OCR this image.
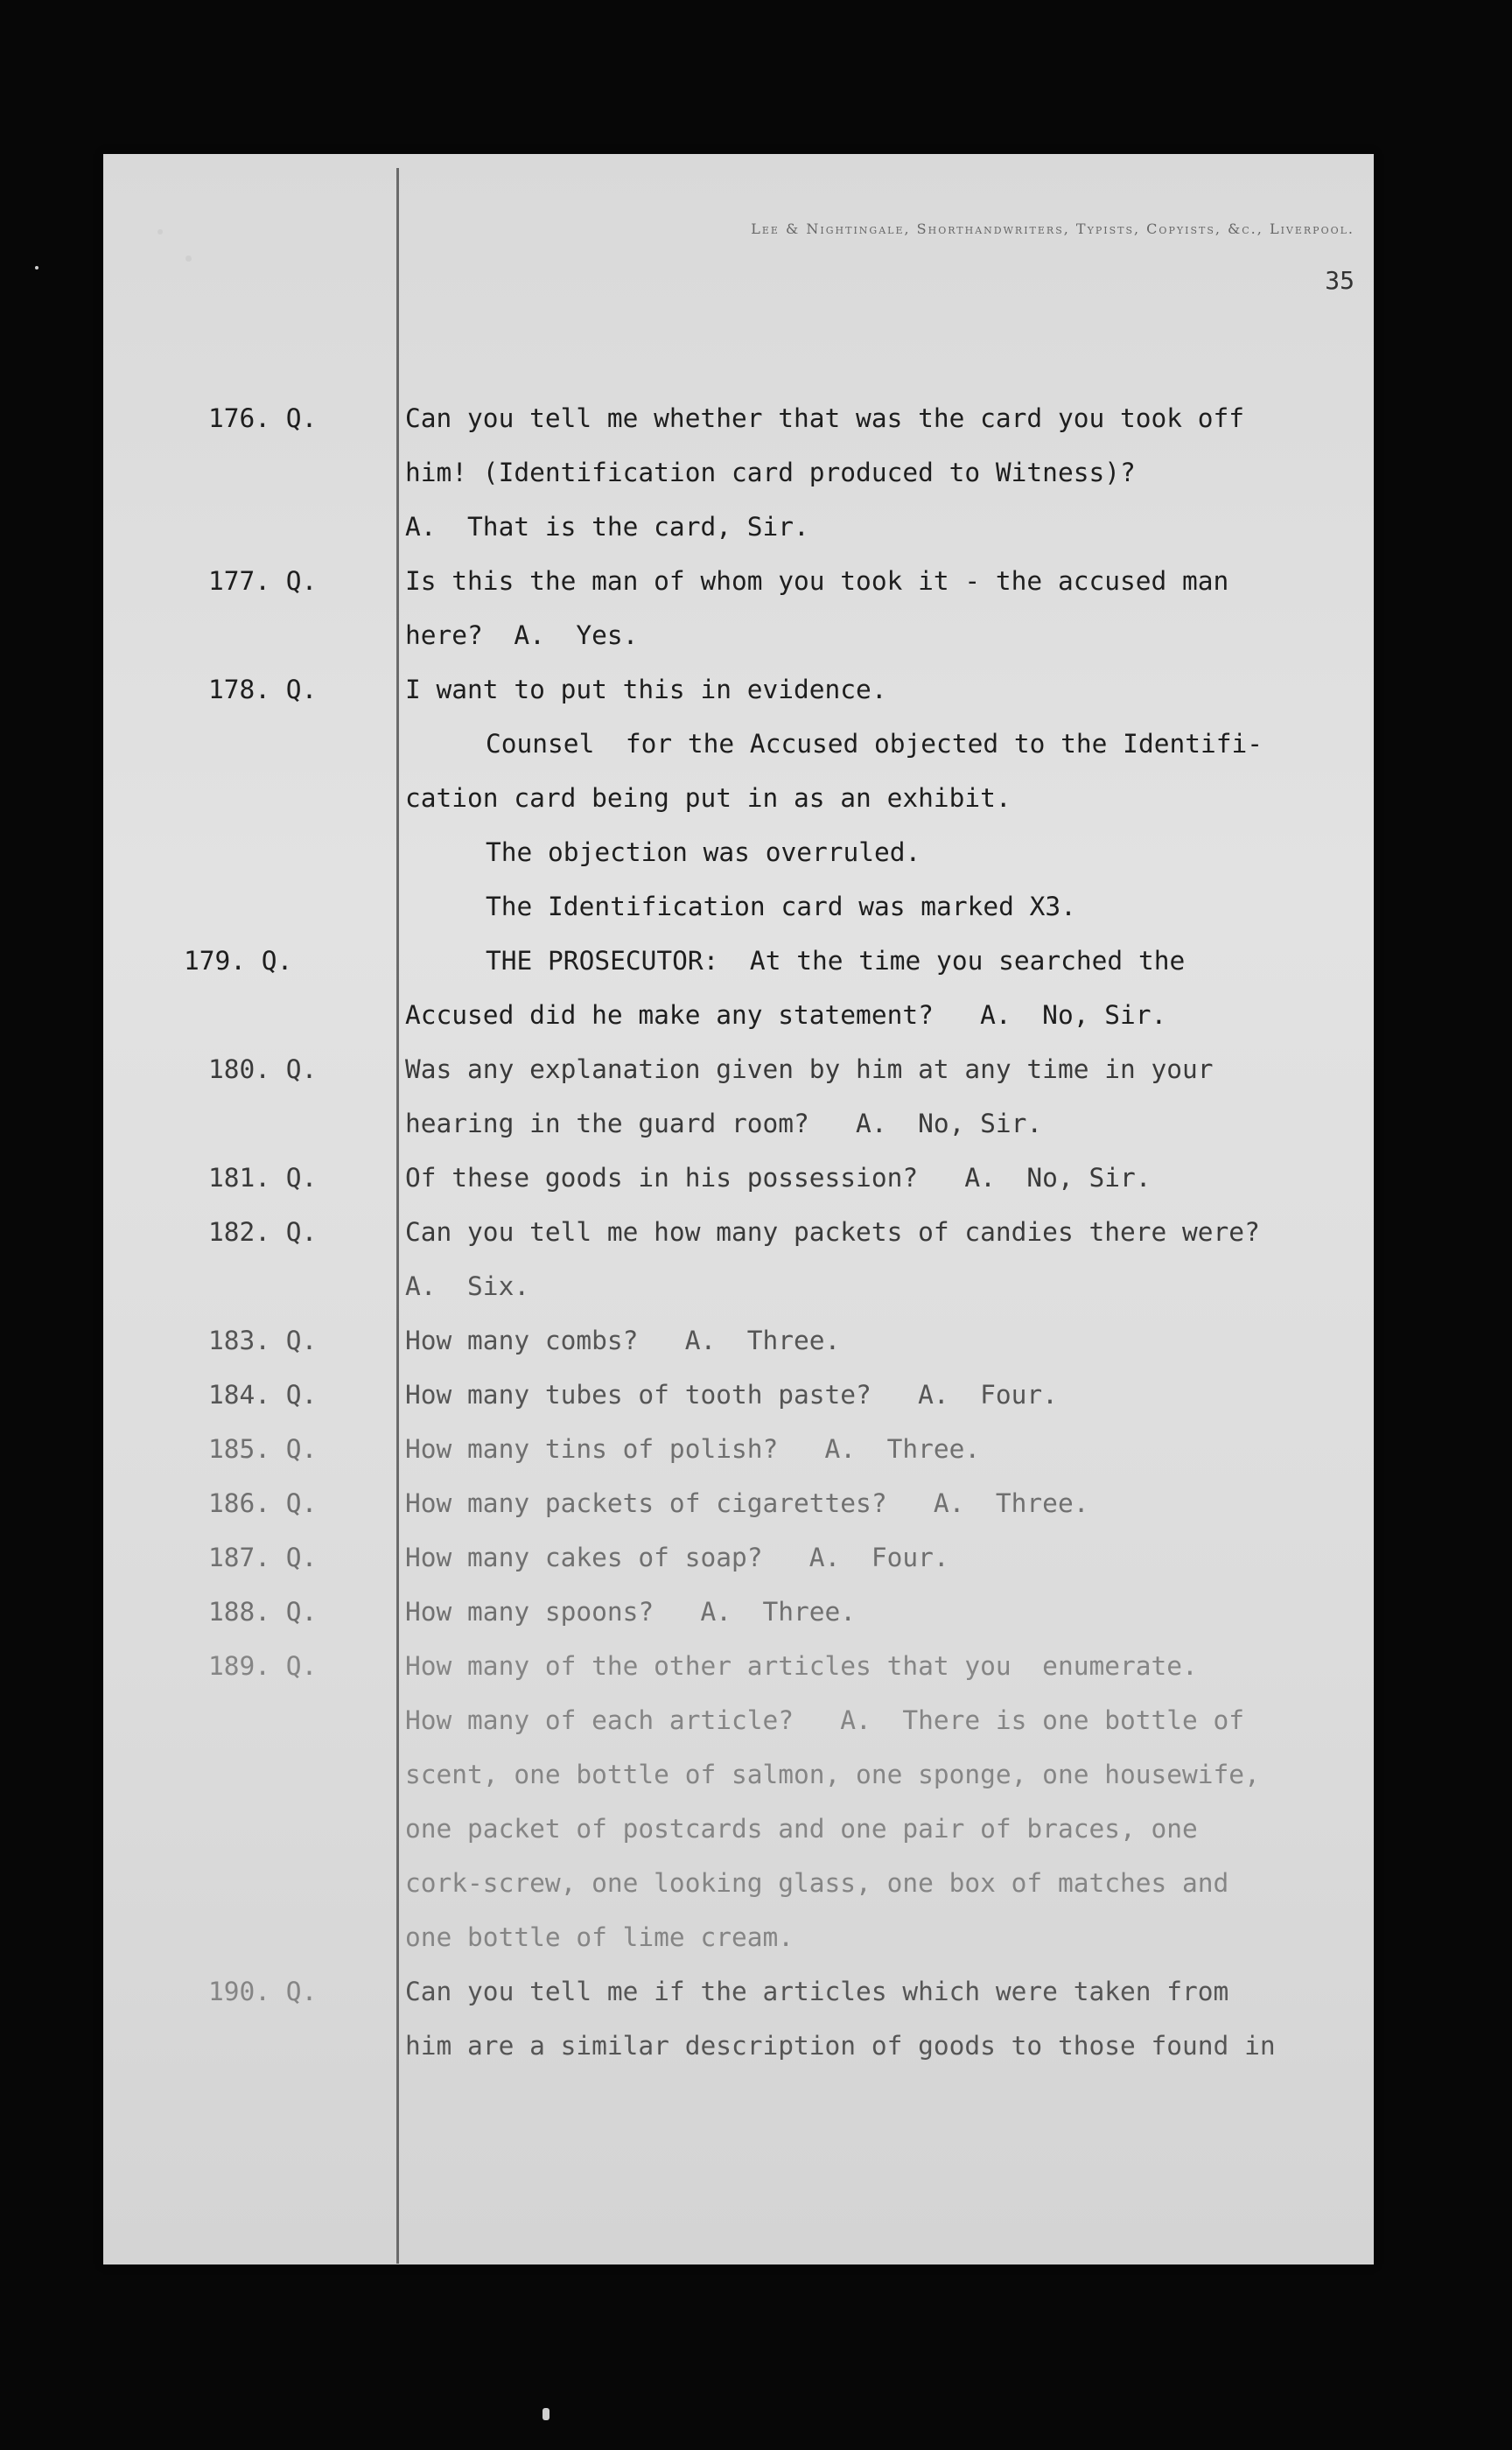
Lee & Nightingale, Shorthandwriters, Typists, Copyists, &c., Liverpool.
35
176. Q.	Can you tell me whether that was the card you took off
him! (Identification card produced to Witness)?
A.  That is the card, Sir.
177. Q.	Is this the man of whom you took it - the accused man
here?  A.  Yes.
178. Q.	I want to put this in evidence.
Counsel  for the Accused objected to the Identifi-
cation card being put in as an exhibit.
The objection was overruled.
The Identification card was marked X3.
179. Q.	THE PROSECUTOR:  At the time you searched the
Accused did he make any statement?   A.  No, Sir.
180. Q.	Was any explanation given by him at any time in your
hearing in the guard room?   A.  No, Sir.
181. Q.	Of these goods in his possession?   A.  No, Sir.
182. Q.	Can you tell me how many packets of candies there were?
A.  Six.
183. Q.	How many combs?   A.  Three.
184. Q.	How many tubes of tooth paste?   A.  Four.
185. Q.	How many tins of polish?   A.  Three.
186. Q.	How many packets of cigarettes?   A.  Three.
187. Q.	How many cakes of soap?   A.  Four.
188. Q.	How many spoons?   A.  Three.
189. Q.	How many of the other articles that you  enumerate.
How many of each article?   A.  There is one bottle of
scent, one bottle of salmon, one sponge, one housewife,
one packet of postcards and one pair of braces, one
cork-screw, one looking glass, one box of matches and
one bottle of lime cream.
190. Q.	Can you tell me if the articles which were taken from
him are a similar description of goods to those found in
